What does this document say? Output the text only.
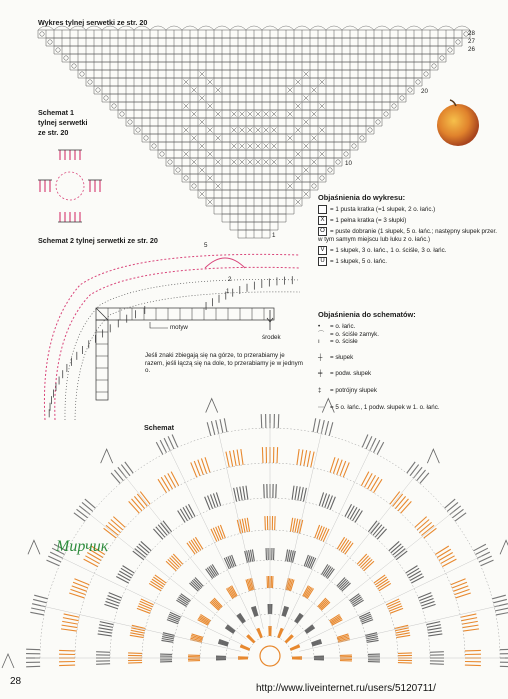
Wykres tylnej serwetki ze str. 20
28
27
26
20
10
1
Schemat 1
tylnej serwetki
ze str. 20
Schemat 2 tylnej serwetki ze str. 20
5
2
1
motyw
środek
Jeśli znaki zbiegają się na górze, to przerabiamy je razem, jeśli łączą się na dole, to przerabiamy je w jednym o.
Schemat
Objaśnienia do wykresu:
= 1 pusta kratka (=1 słupek, 2 o. łańc.)
X = 1 pełna kratka (= 3 słupki)
O = puste dobranie (1 słupek, 5 o. łańc.; następny słupek przer. w tym samym miejscu lub łuku z o. łańc.)
V = 1 słupek, 3 o. łańc., 1 o. ściśle, 3 o. łańc.
U = 1 słupek, 5 o. łańc.
Objaśnienia do schematów:
• = o. łańc.
⌒ = o. ściśle zamyk.
ı = o. ścisłe
┼ = słupek
╪ = podw. słupek
‡ = potrójny słupek
⋯ = 5 o. łańc., 1 podw. słupek w 1. o. łańc.
Мирчик
28
http://www.liveinternet.ru/users/5120711/
